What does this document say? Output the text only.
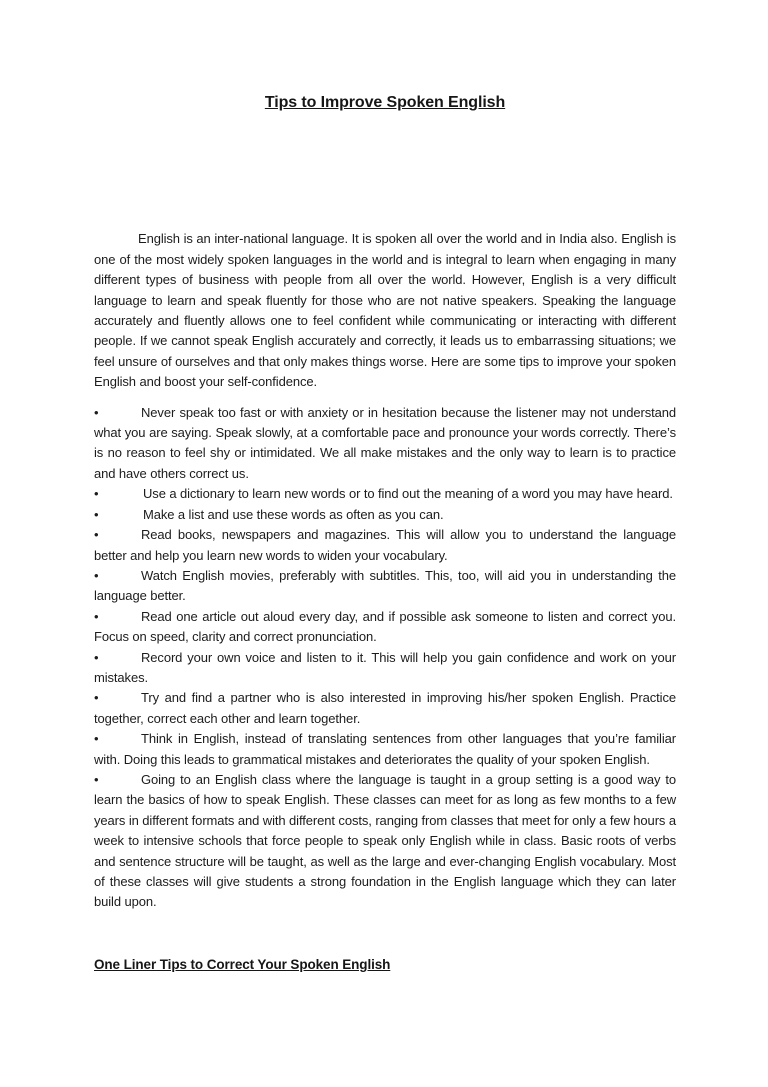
Tips to Improve Spoken English

English is an inter-national language. It is spoken all over the world and in India also. English is one of the most widely spoken languages in the world and is integral to learn when engaging in many different types of business with people from all over the world. However, English is a very difficult language to learn and speak fluently for those who are not native speakers. Speaking the language accurately and fluently allows one to feel confident while communicating or interacting with different people. If we cannot speak English accurately and correctly, it leads us to embarrassing situations; we feel unsure of ourselves and that only makes things worse. Here are some tips to improve your spoken English and boost your self-confidence.

•	Never speak too fast or with anxiety or in hesitation because the listener may not understand what you are saying. Speak slowly, at a comfortable pace and pronounce your words correctly. There’s is no reason to feel shy or intimidated. We all make mistakes and the only way to learn is to practice and have others correct us.
•	Use a dictionary to learn new words or to find out the meaning of a word you may have heard.
•	Make a list and use these words as often as you can.
•	Read books, newspapers and magazines. This will allow you to understand the language better and help you learn new words to widen your vocabulary.
•	Watch English movies, preferably with subtitles. This, too, will aid you in understanding the language better.
•	Read one article out aloud every day, and if possible ask someone to listen and correct you. Focus on speed, clarity and correct pronunciation.
•	Record your own voice and listen to it. This will help you gain confidence and work on your mistakes.
•	Try and find a partner who is also interested in improving his/her spoken English. Practice together, correct each other and learn together.
•	Think in English, instead of translating sentences from other languages that you’re familiar with. Doing this leads to grammatical mistakes and deteriorates the quality of your spoken English.
•	Going to an English class where the language is taught in a group setting is a good way to learn the basics of how to speak English. These classes can meet for as long as few months to a few years in different formats and with different costs, ranging from classes that meet for only a few hours a week to intensive schools that force people to speak only English while in class. Basic roots of verbs and sentence structure will be taught, as well as the large and ever-changing English vocabulary. Most of these classes will give students a strong foundation in the English language which they can later build upon.
One Liner Tips to Correct Your Spoken English
